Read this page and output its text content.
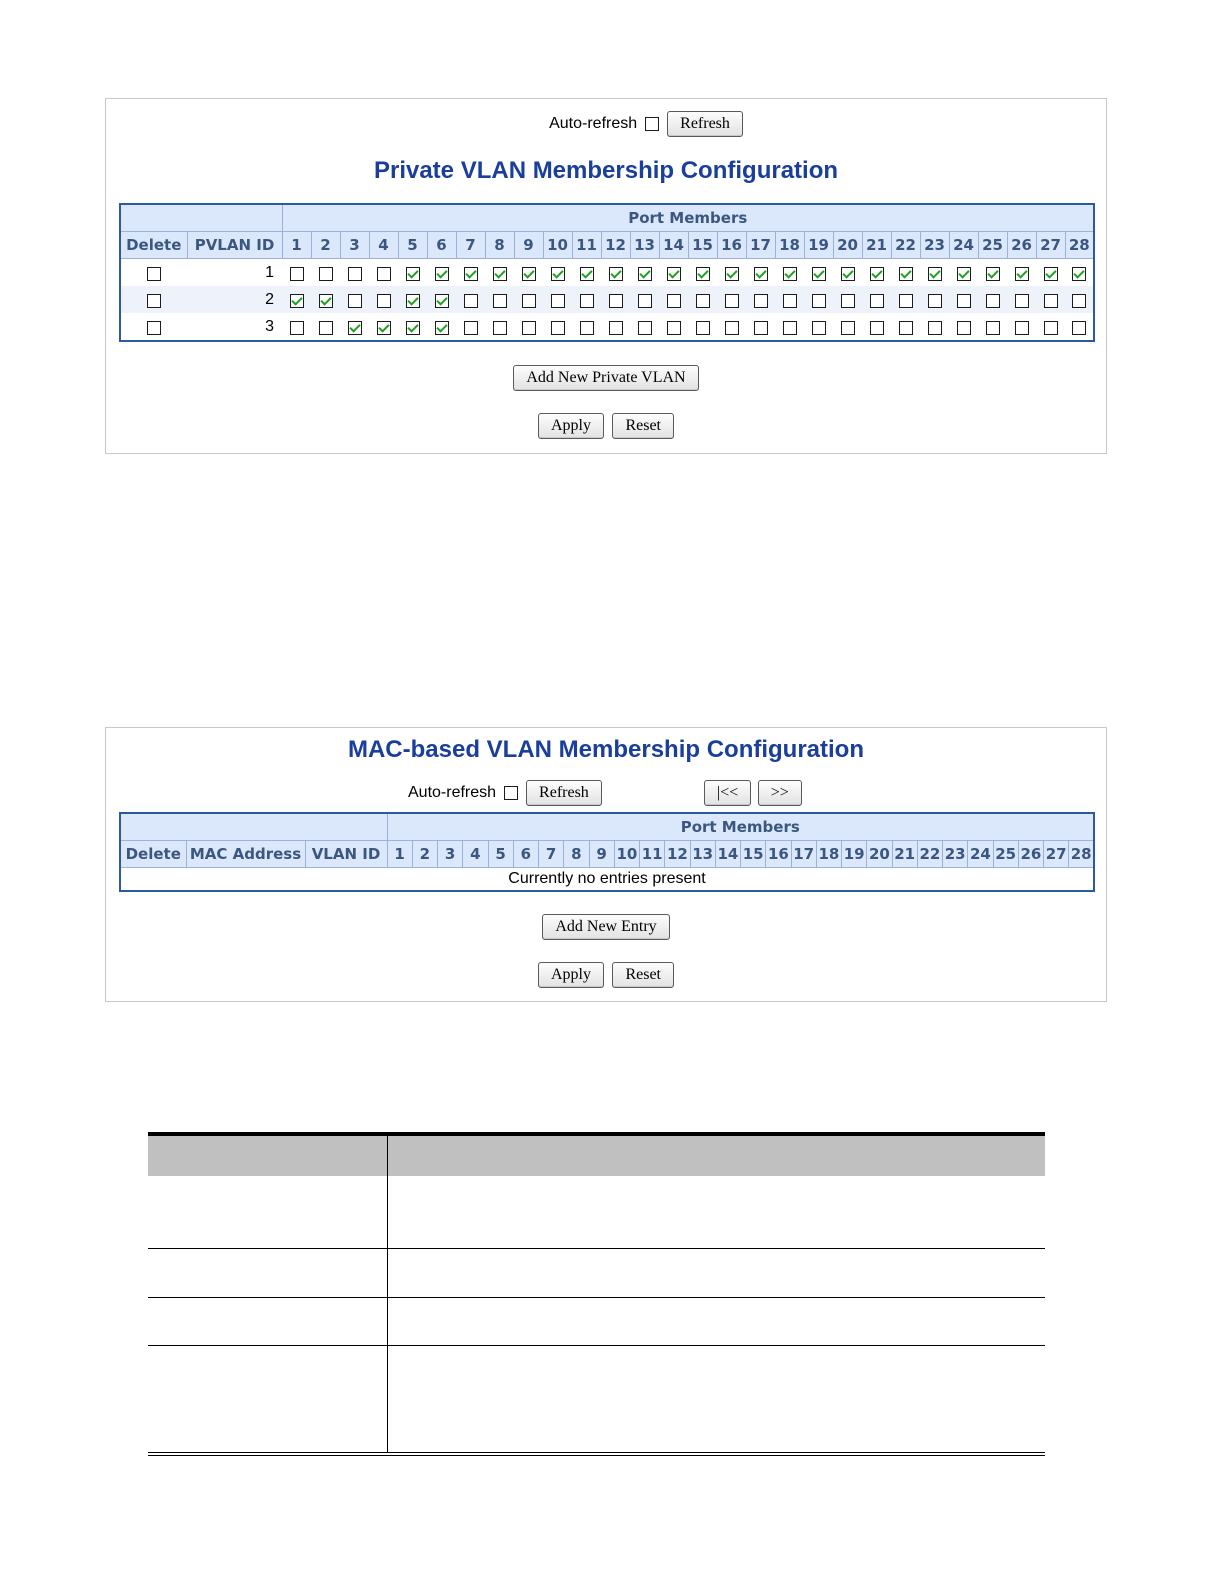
Auto-refresh	Refresh
Private VLAN Membership Configuration
		Port Members																											
Delete	PVLAN ID	1	2	3	4	5	6	7	8	9	10	11	12	13	14	15	16	17	18	19	20	21	22	23	24	25	26	27	28
	1																												
	2																												
	3																												
Add New Private VLAN
Apply Reset
MAC-based VLAN Membership Configuration
Auto-refresh	Refresh	|<< >>
			Port Members																											
Delete	MAC Address	VLAN ID	1	2	3	4	5	6	7	8	9	10	11	12	13	14	15	16	17	18	19	20	21	22	23	24	25	26	27	28
Currently no entries present																														
Add New Entry
Apply Reset
